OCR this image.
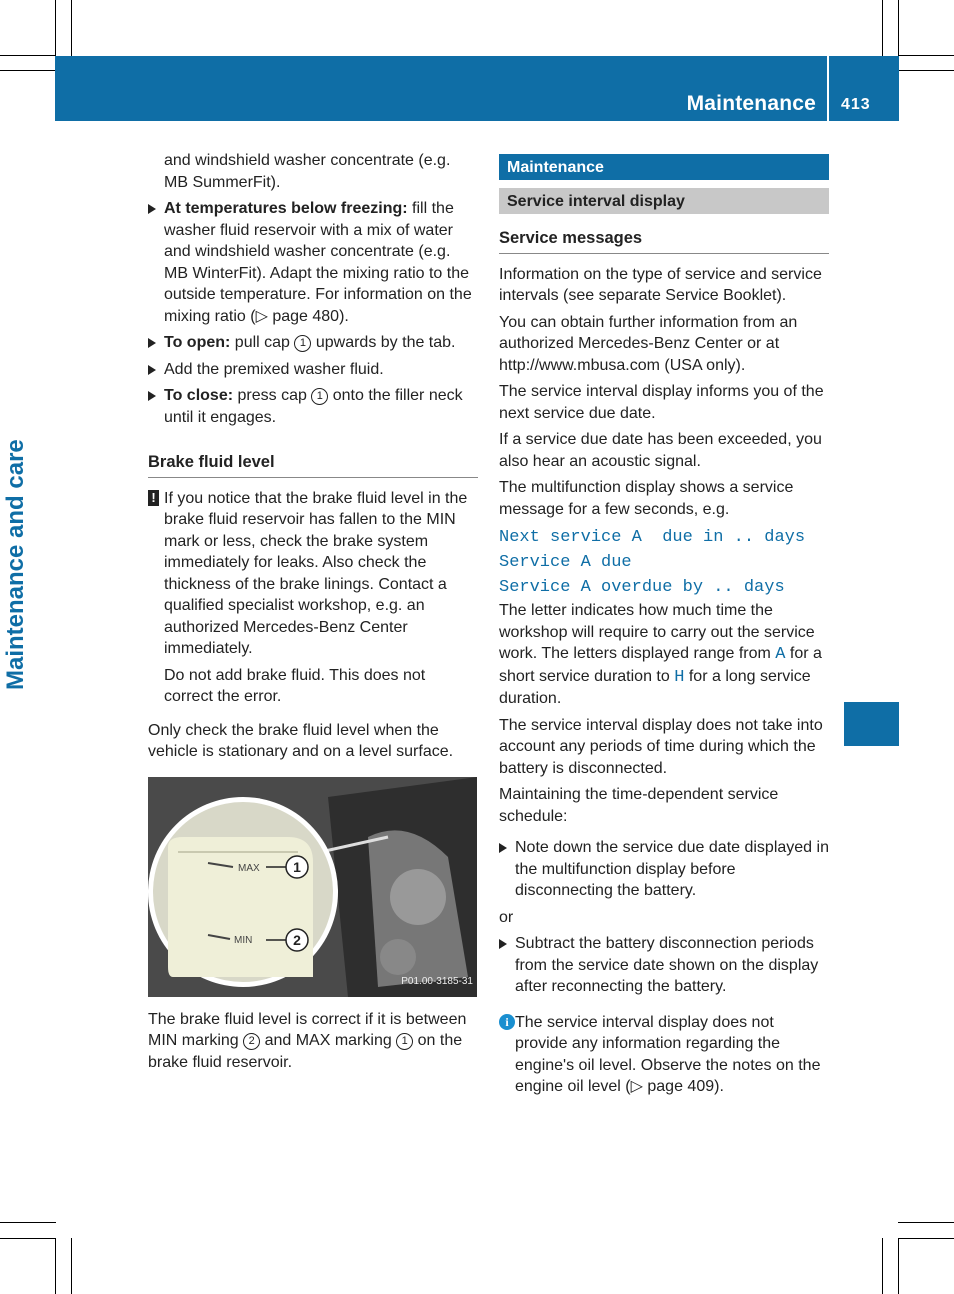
Maintenance 413
Maintenance and care

and windshield washer concentrate (e.g. MB SummerFit).

At temperatures below freezing: fill the washer fluid reservoir with a mix of water and windshield washer concentrate (e.g. MB WinterFit). Adapt the mixing ratio to the outside temperature. For information on the mixing ratio (▷ page 480).
To open: pull cap 1 upwards by the tab.
Add the premixed washer fluid.
To close: press cap 1 onto the filler neck until it engages.
Brake fluid level
! If you notice that the brake fluid level in the brake fluid reservoir has fallen to the MIN mark or less, check the brake system immediately for leaks. Also check the thickness of the brake linings. Contact a qualified specialist workshop, e.g. an authorized Mercedes-Benz Center immediately.

Do not add brake fluid. This does not correct the error.

Only check the brake fluid level when the vehicle is stationary and on a level surface.

MAX
MIN
1
2
P01.00-3185-31

The brake fluid level is correct if it is between MIN marking 2 and MAX marking 1 on the brake fluid reservoir.

Maintenance
Service interval display
Service messages

Information on the type of service and service intervals (see separate Service Booklet).

You can obtain further information from an authorized Mercedes-Benz Center or at http://www.mbusa.com (USA only).

The service interval display informs you of the next service due date.

If a service due date has been exceeded, you also hear an acoustic signal.

The multifunction display shows a service message for a few seconds, e.g.

Next service A  due in .. days

Service A due

Service A overdue by .. days

The letter indicates how much time the workshop will require to carry out the service work. The letters displayed range from A for a short service duration to H for a long service duration.

The service interval display does not take into account any periods of time during which the battery is disconnected.

Maintaining the time-dependent service schedule:

Note down the service due date displayed in the multifunction display before disconnecting the battery.

or

Subtract the battery disconnection periods from the service date shown on the display after reconnecting the battery.
i The service interval display does not provide any information regarding the engine's oil level. Observe the notes on the engine oil level (▷ page 409).
